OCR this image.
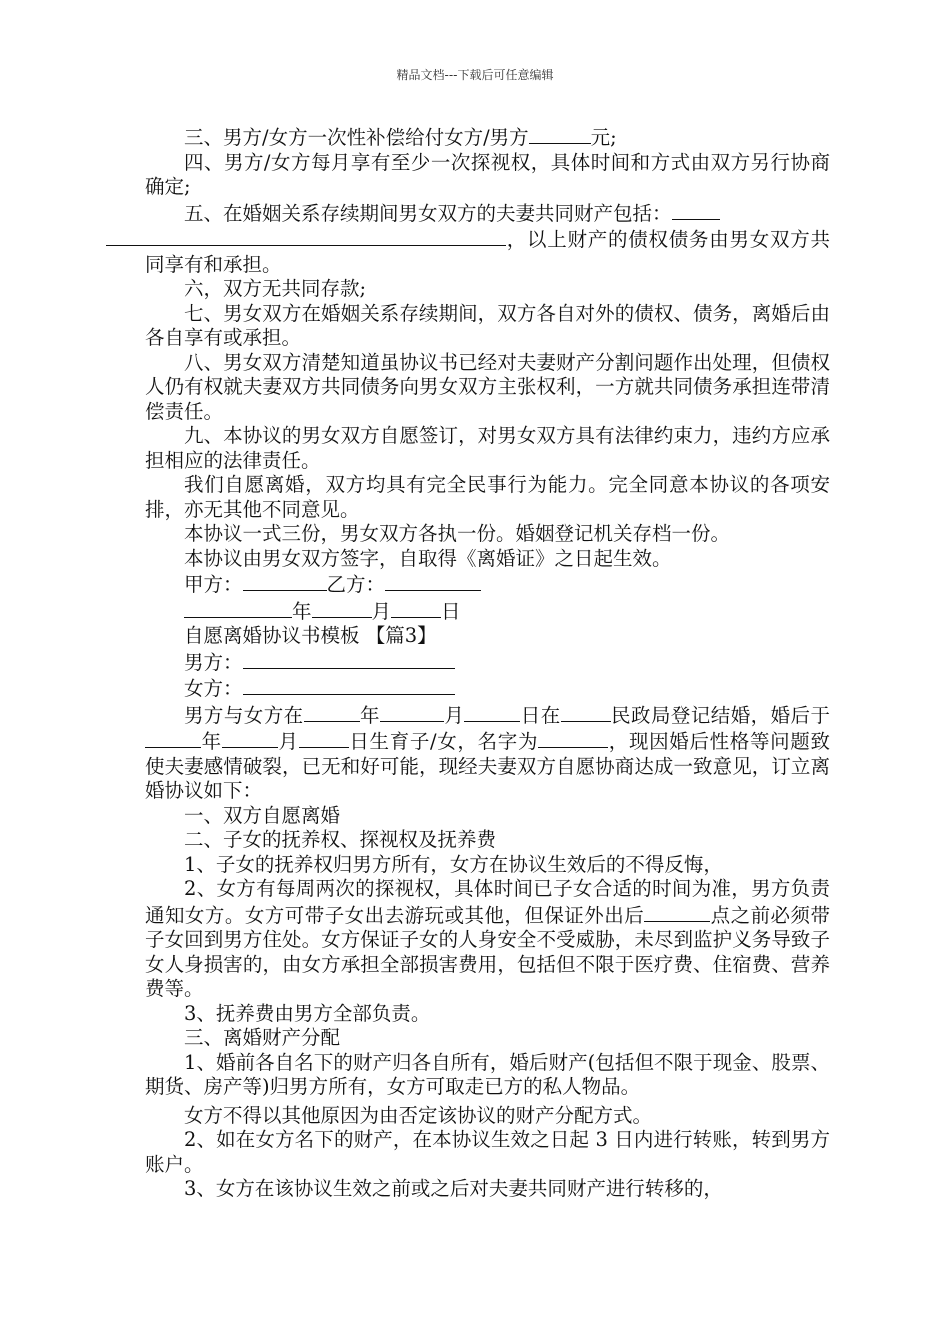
精品文档---下载后可任意编辑

三、男方/女方一次性补偿给付女方/男方	元;

四、男方/女方每月享有至少一次探视权，具体时间和方式由双方另行协商确定;

五、在婚姻关系存续期间男女双方的夫妻共同财产包括：
，以上财产的债权债务由男女双方共同享有和承担。

六，双方无共同存款;

七、男女双方在婚姻关系存续期间，双方各自对外的债权、债务，离婚后由各自享有或承担。

八、男女双方清楚知道虽协议书已经对夫妻财产分割问题作出处理，但债权人仍有权就夫妻双方共同债务向男女双方主张权利，一方就共同债务承担连带清偿责任。

九、本协议的男女双方自愿签订，对男女双方具有法律约束力，违约方应承担相应的法律责任。

我们自愿离婚，双方均具有完全民事行为能力。完全同意本协议的各项安排，亦无其他不同意见。

本协议一式三份，男女双方各执一份。婚姻登记机关存档一份。

本协议由男女双方签字，自取得《离婚证》之日起生效。

甲方：	乙方：

年	月	日

自愿离婚协议书模板 【篇3】

男方：

女方：

男方与女方在	年	月	日在	民政局登记结婚，婚后于年	月	日生育子/女，名字为	，现因婚后性格等问题致使夫妻感情破裂，已无和好可能，现经夫妻双方自愿协商达成一致意见，订立离婚协议如下：

一、双方自愿离婚

二、子女的抚养权、探视权及抚养费

1、子女的抚养权归男方所有，女方在协议生效后的不得反悔，

2、女方有每周两次的探视权，具体时间已子女合适的时间为准，男方负责通知女方。女方可带子女出去游玩或其他，但保证外出后	点之前必须带子女回到男方住处。女方保证子女的人身安全不受威胁，未尽到监护义务导致子女人身损害的，由女方承担全部损害费用，包括但不限于医疗费、住宿费、营养费等。

3、抚养费由男方全部负责。

三、离婚财产分配

1、婚前各自名下的财产归各自所有，婚后财产(包括但不限于现金、股票、期货、房产等)归男方所有，女方可取走已方的私人物品。

女方不得以其他原因为由否定该协议的财产分配方式。

2、如在女方名下的财产，在本协议生效之日起 3 日内进行转账，转到男方账户。

3、女方在该协议生效之前或之后对夫妻共同财产进行转移的，
